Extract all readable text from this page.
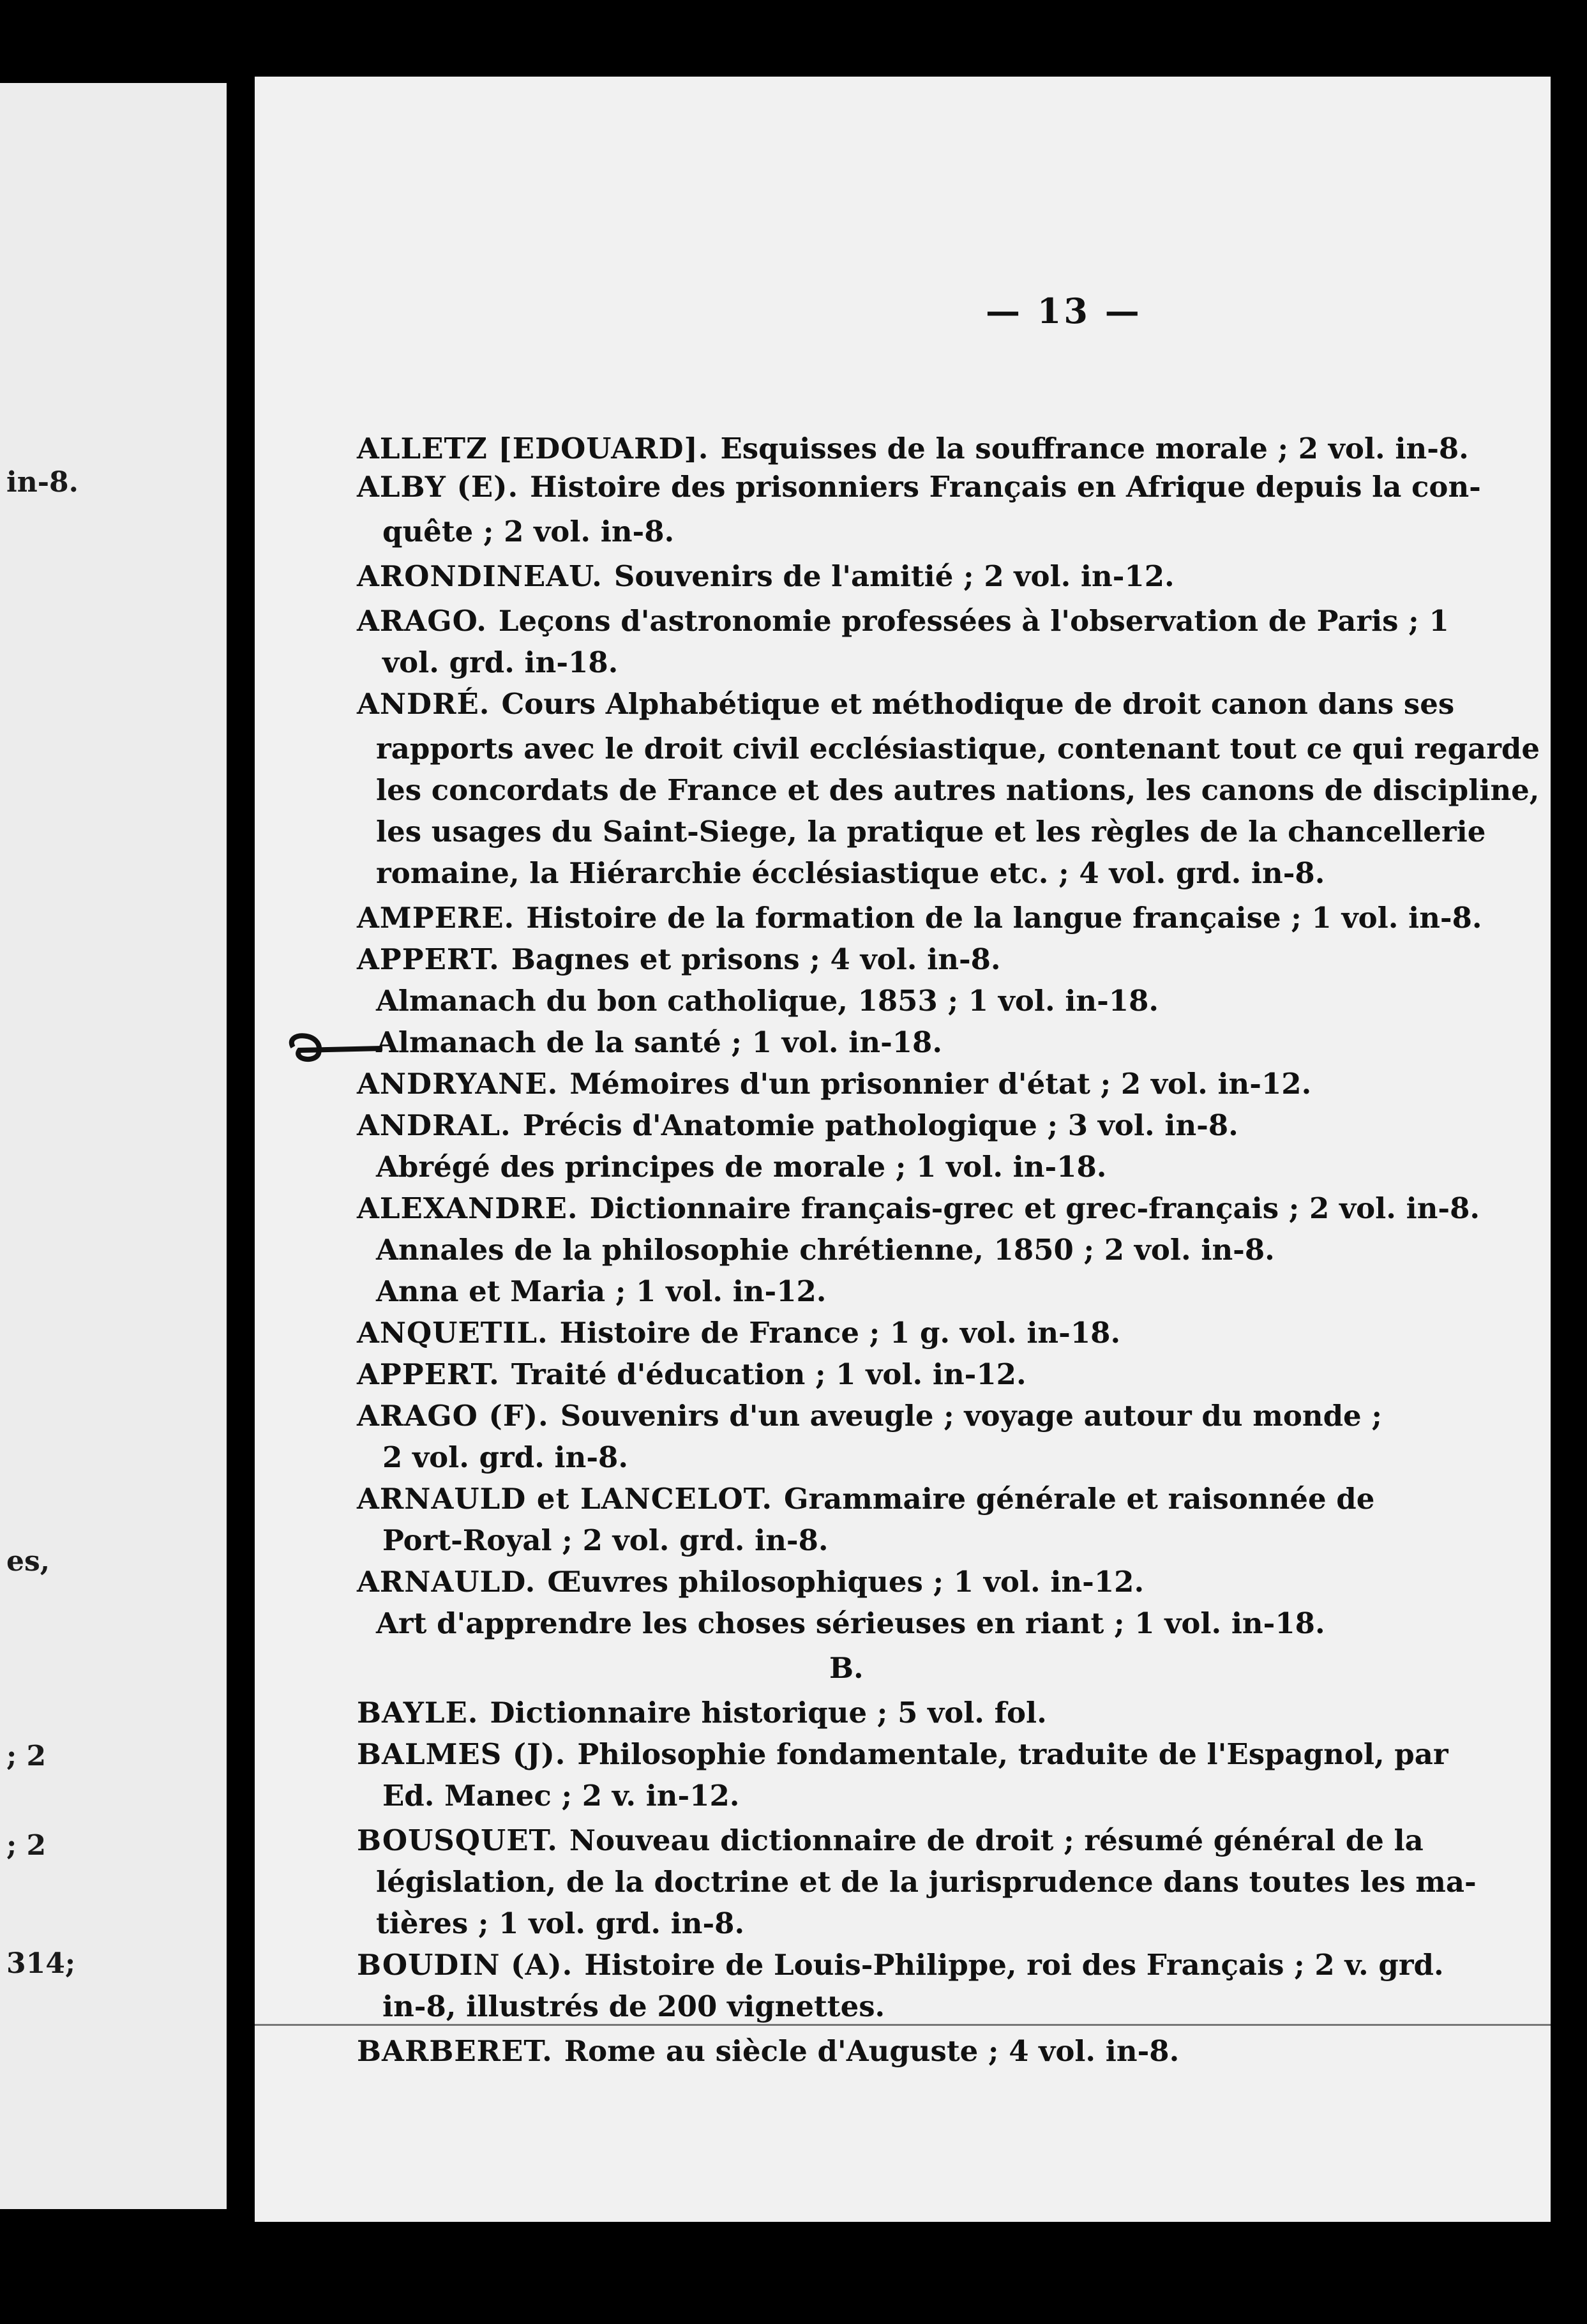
in-8.
es,
; 2
; 2
314;
— 13 —
ALLETZ [EDOUARD]. Esquisses de la souffrance morale ; 2 vol. in-8.
ALBY (E). Histoire des prisonniers Français en Afrique depuis la con-
quête ; 2 vol. in-8.
ARONDINEAU. Souvenirs de l'amitié ; 2 vol. in-12.
ARAGO. Leçons d'astronomie professées à l'observation de Paris ; 1
vol. grd. in-18.
ANDRÉ. Cours Alphabétique et méthodique de droit canon dans ses
rapports avec le droit civil ecclésiastique, contenant tout ce qui regarde
les concordats de France et des autres nations, les canons de discipline,
les usages du Saint-Siege, la pratique et les règles de la chancellerie
romaine, la Hiérarchie écclésiastique etc. ; 4 vol. grd. in-8.
AMPERE. Histoire de la formation de la langue française ; 1 vol. in-8.
APPERT. Bagnes et prisons ; 4 vol. in-8.
Almanach du bon catholique, 1853 ; 1 vol. in-18.
Almanach de la santé ; 1 vol. in-18.
ANDRYANE. Mémoires d'un prisonnier d'état ; 2 vol. in-12.
ANDRAL. Précis d'Anatomie pathologique ; 3 vol. in-8.
Abrégé des principes de morale ; 1 vol. in-18.
ALEXANDRE. Dictionnaire français-grec et grec-français ; 2 vol. in-8.
Annales de la philosophie chrétienne, 1850 ; 2 vol. in-8.
Anna et Maria ; 1 vol. in-12.
ANQUETIL. Histoire de France ; 1 g. vol. in-18.
APPERT. Traité d'éducation ; 1 vol. in-12.
ARAGO (F). Souvenirs d'un aveugle ; voyage autour du monde ;
2 vol. grd. in-8.
ARNAULD et LANCELOT. Grammaire générale et raisonnée de
Port-Royal ; 2 vol. grd. in-8.
ARNAULD. Œuvres philosophiques ; 1 vol. in-12.
Art d'apprendre les choses sérieuses en riant ; 1 vol. in-18.
B.
BAYLE. Dictionnaire historique ; 5 vol. fol.
BALMES (J). Philosophie fondamentale, traduite de l'Espagnol, par
Ed. Manec ; 2 v. in-12.
BOUSQUET. Nouveau dictionnaire de droit ; résumé général de la
législation, de la doctrine et de la jurisprudence dans toutes les ma-
tières ; 1 vol. grd. in-8.
BOUDIN (A). Histoire de Louis-Philippe, roi des Français ; 2 v. grd.
in-8, illustrés de 200 vignettes.
BARBERET. Rome au siècle d'Auguste ; 4 vol. in-8.
